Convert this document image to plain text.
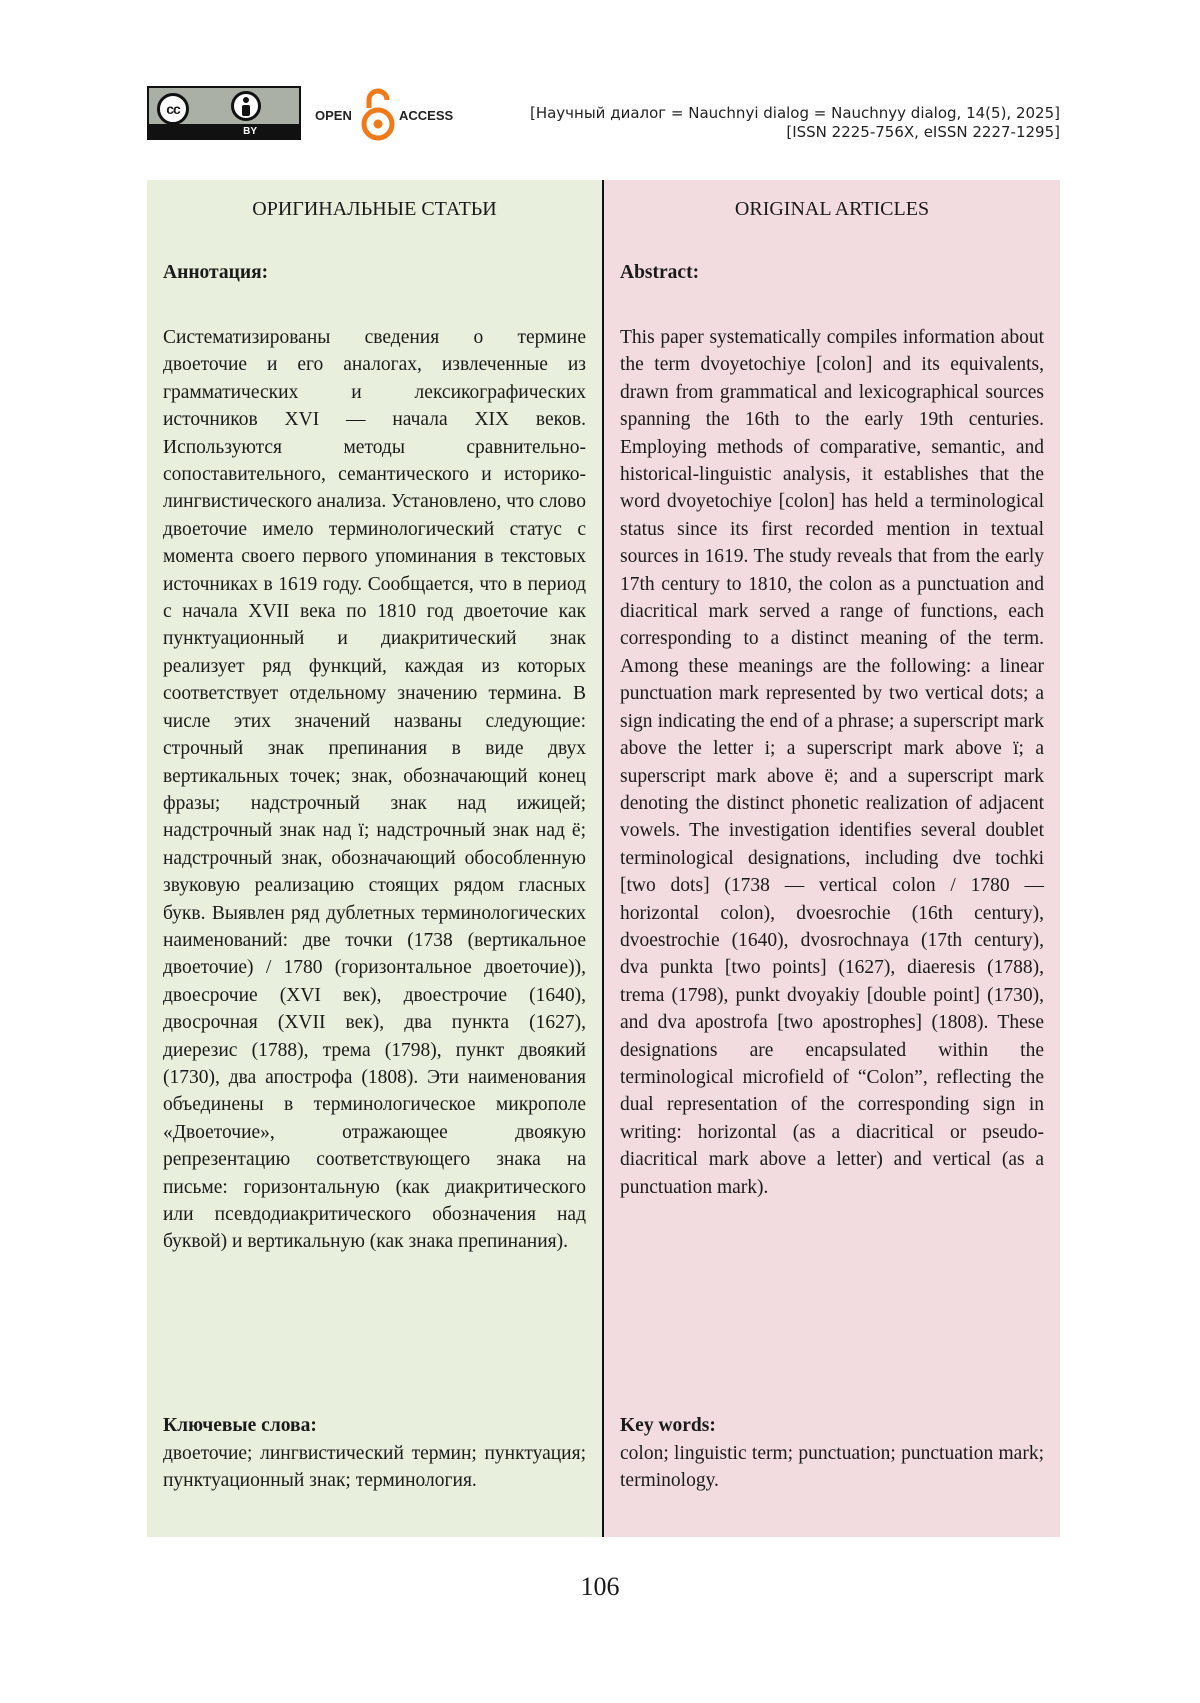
cc
BY
OPEN	ACCESS	[Научный диалог = Nauchnyi dialog = Nauchnyy dialog, 14(5), 2025]
[ISSN 2225-756X, eISSN 2227-1295]
ОРИГИНАЛЬНЫЕ СТАТЬИ
Аннотация:
Систематизированы сведения о термине двоеточие и его аналогах, извлеченные из грамматических и лексикографических источников XVI — начала XIX веков. Используются методы сравнительно-сопоставительного, семантического и историко-лингвистического анализа. Установлено, что слово двоеточие имело терминологический статус с момента своего первого упоминания в текстовых источниках в 1619 году. Сообщается, что в период с начала XVII века по 1810 год двоеточие как пунктуационный и диакритический знак реализует ряд функций, каждая из которых соответствует отдельному значению термина. В числе этих значений названы следующие: строчный знак препинания в виде двух вертикальных точек; знак, обозначающий конец фразы; надстрочный знак над ижицей; надстрочный знак над ї; надстрочный знак над ё; надстрочный знак, обозначающий обособленную звуковую реализацию стоящих рядом гласных букв. Выявлен ряд дублетных терминологических наименований: две точки (1738 (вертикальное двоеточие) / 1780 (горизонтальное двоеточие)), двоесрочие (XVI век), двоестрочие (1640), двосрочная (XVII век), два пункта (1627), диерезис (1788), трема (1798), пункт двоякий (1730), два апострофа (1808). Эти наименования объединены в терминологическое микрополе «Двоеточие», отражающее двоякую репрезентацию соответствующего знака на письме: горизонтальную (как диакритического или псевдодиакритического обозначения над буквой) и вертикальную (как знака препинания).
Ключевые слова:
двоеточие; лингвистический термин; пунктуация; пунктуационный знак; терминология.
ORIGINAL ARTICLES
Abstract:
This paper systematically compiles information about the term dvoyetochiye [colon] and its equivalents, drawn from grammatical and lexicographical sources spanning the 16th to the early 19th centuries. Employing methods of comparative, semantic, and historical-linguistic analysis, it establishes that the word dvoyetochiye [colon] has held a terminological status since its first recorded mention in textual sources in 1619. The study reveals that from the early 17th century to 1810, the colon as a punctuation and diacritical mark served a range of functions, each corresponding to a distinct meaning of the term. Among these meanings are the following: a linear punctuation mark represented by two vertical dots; a sign indicating the end of a phrase; a superscript mark above the letter i; a superscript mark above ї; a superscript mark above ё; and a superscript mark denoting the distinct phonetic realization of adjacent vowels. The investigation identifies several doublet terminological designations, including dve tochki [two dots] (1738 — vertical colon / 1780 — horizontal colon), dvoesrochie (16th century), dvoestrochie (1640), dvosrochnaya (17th century), dva punkta [two points] (1627), diaeresis (1788), trema (1798), punkt dvoyakiy [double point] (1730), and dva apostrofa [two apostrophes] (1808). These designations are encapsulated within the terminological microfield of “Colon”, reflecting the dual representation of the corresponding sign in writing: horizontal (as a diacritical or pseudo-diacritical mark above a letter) and vertical (as a punctuation mark).
Key words:
colon; linguistic term; punctuation; punctuation mark; terminology.
106
